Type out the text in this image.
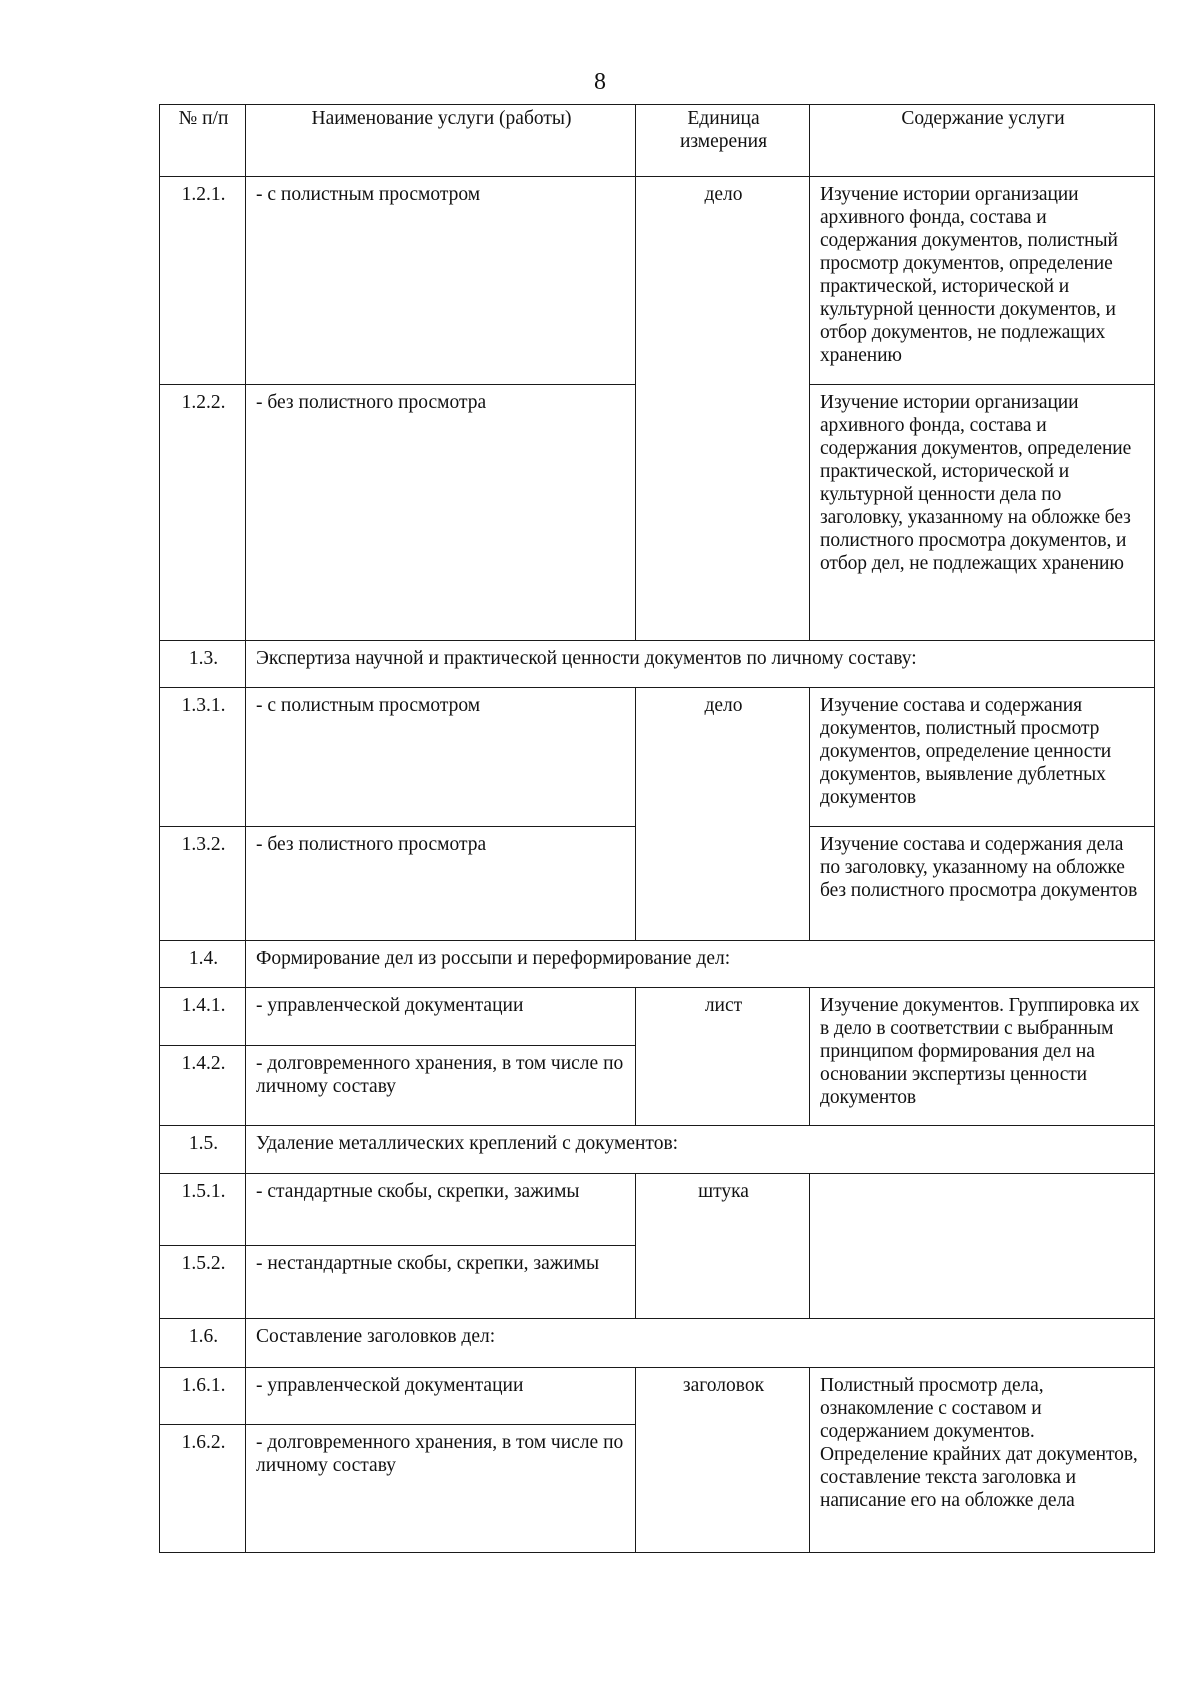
8
№ п/п	Наименование услуги (работы)	Единица измерения	Содержание услуги
1.2.1.	- с полистным просмотром	дело	Изучение истории организации архивного фонда, состава и содержания документов, полистный просмотр документов, определение практической, исторической и культурной ценности документов, и отбор документов, не подлежащих хранению
1.2.2.	- без полистного просмотра		Изучение истории организации архивного фонда, состава и содержания документов, определение практической, исторической и культурной ценности дела по заголовку, указанному на обложке без полистного просмотра документов, и отбор дел, не подлежащих хранению
1.3.	Экспертиза научной и практической ценности документов по личному составу:		
1.3.1.	- с полистным просмотром	дело	Изучение состава и содержания документов, полистный просмотр документов, определение ценности документов, выявление дублетных документов
1.3.2.	- без полистного просмотра		Изучение состава и содержания дела по заголовку, указанному на обложке без полистного просмотра документов
1.4.	Формирование дел из россыпи и переформирование дел:		
1.4.1.	- управленческой документации	лист	Изучение документов. Группировка их в дело в соответствии с выбранным принципом формирования дел на основании экспертизы ценности документов
1.4.2.	- долговременного хранения, в том числе по личному составу		
1.5.	Удаление металлических креплений с документов:		
1.5.1.	- стандартные скобы, скрепки, зажимы	штука	
1.5.2.	- нестандартные скобы, скрепки, зажимы		
1.6.	Составление заголовков дел:		
1.6.1.	- управленческой документации	заголовок	Полистный просмотр дела, ознакомление с составом и содержанием документов. Определение крайних дат документов, составление текста заголовка и написание его на обложке дела
1.6.2.	- долговременного хранения, в том числе по личному составу		
